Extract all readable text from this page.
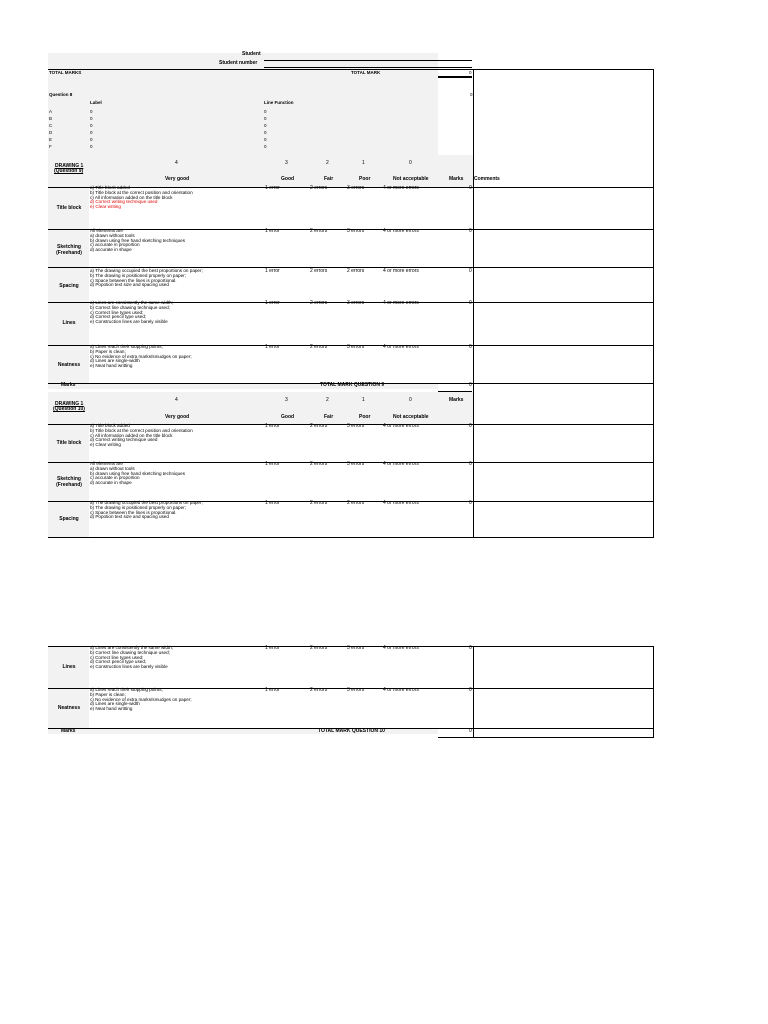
Student
Student number
TOTAL MARKS	TOTAL MARK	0
Question 8	0
Label	Line Function
A	0	0
B	0	0
C	0	0
D	0	0
E	0	0
F	0	0
DRAWING 1
(Question 9)
4	3	2	1	0
Very good	Good	Fair	Poor	Not acceptable	Marks Comments
Title block
a) Title block added
b) Title block at the correct position and orientation
c) All information added on the title block
d) Correct writing technique used
e) Clear writing
1 error	2 errors	3 errors	4 or more errors	0
Sketching (Freehand)
All elements are
a) drawn without tools
b) drawn using free hand sketching techniques
c) accurate in proportion
d) accurate in shape
1 error	2 errors	3 errors	4 or more errors	0
Spacing
a) The drawing occupied the best proportions on paper;
b) The drawing is positioned properly on paper;
c) Space between the lines is proportional.
d) Popotion text size and spacing used
1 error	2 errors	2 errors	4 or more errors	0
Lines
a) Lines are consistently the same width;
b) Correct line drawing technique used;
c) Correct line types used;
d) Correct pencil type used;
e) Construction lines are barely visible
1 error	2 errors	3 errors	4 or more errors	0
Neatness
a) Lines reach their stopping points;
b) Paper is clean;
c) No evidence of extra marks/smudges on paper;
d) Lines are single-width
e) Neat hand writting
1 error	2 errors	3 errors	4 or more errors	0
Marks	TOTAL MARK QUESTION 9	0
DRAWING 1
(Question 10)
4	3	2	1	0	Marks
Very good	Good	Fair	Poor	Not acceptable
Title block
a) Title block added
b) Title block at the correct position and orientation
c) All information added on the title block
d) Correct writing technique used
e) Clear writing
1 error	2 errors	3 errors	4 or more errors	0
Sketching (Freehand)
All elements are
a) drawn without tools
b) drawn using free hand sketching techniques
c) accurate in proportion
d) accurate in shape
1 error	2 errors	3 errors	4 or more errors	0
Spacing
a) The drawing occupied the best proportions on paper;
b) The drawing is positioned properly on paper;
c) Space between the lines is proportional.
d) Popotion text size and spacing used
1 error	2 errors	2 errors	4 or more errors	0
Lines
a) Lines are consistently the same width;
b) Correct line drawing technique used;
c) Correct line types used;
d) Correct pencil type used;
e) Construction lines are barely visible
1 error	2 errors	3 errors	4 or more errors	0
Neatness
a) Lines reach their stopping points;
b) Paper is clean;
c) No evidence of extra marks/smudges on paper;
d) Lines are single-width
e) Neat hand writting
1 error	2 errors	3 errors	4 or more errors	0
Marks	TOTAL MARK QUESTION 10	0
